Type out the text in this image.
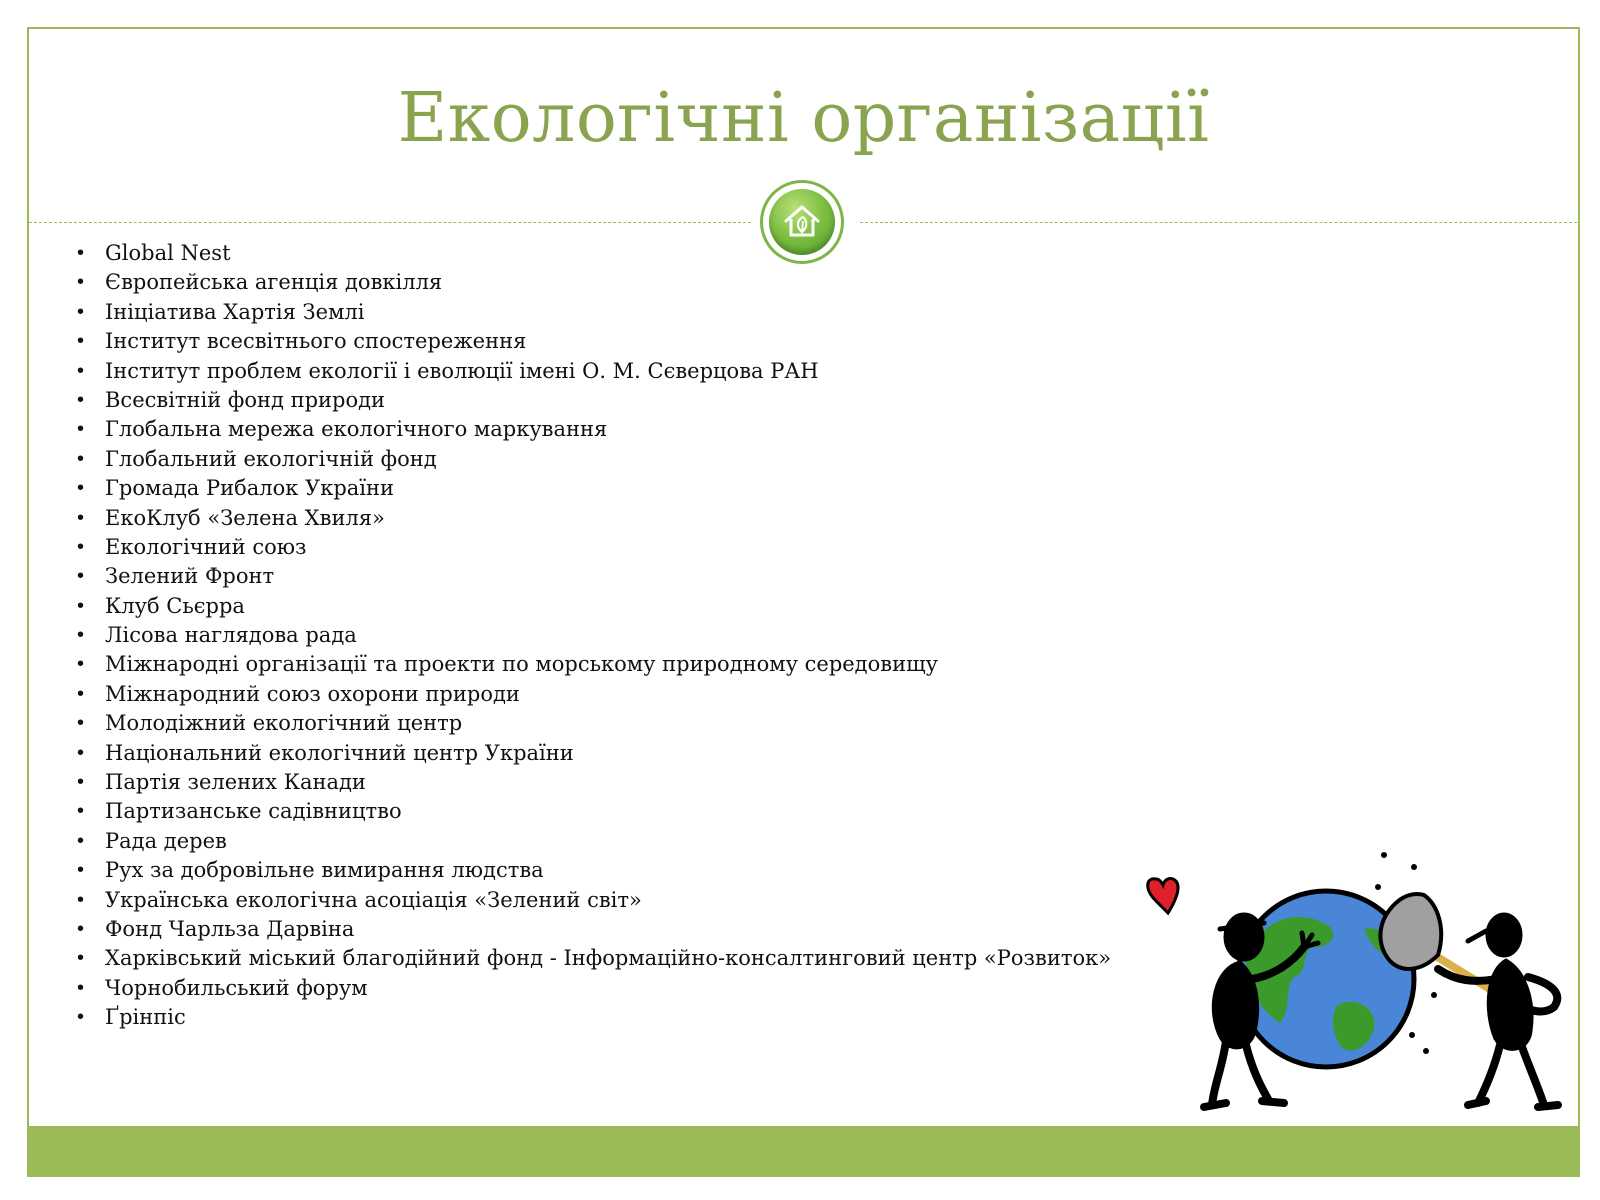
Екологічні організації
• Global Nest
• Європейська агенція довкілля
• Ініціатива Хартія Землі
• Інститут всесвітнього спостереження
• Інститут проблем екології і еволюції імені О. М. Сєверцова РАН
• Всесвітній фонд природи
• Глобальна мережа екологічного маркування
• Глобальний екологічній фонд
• Громада Рибалок України
• ЕкоКлуб «Зелена Хвиля»
• Екологічний союз
• Зелений Фронт
• Клуб Сьєрра
• Лісова наглядова рада
• Міжнародні організації та проекти по морському природному середовищу
• Міжнародний союз охорони природи
• Молодіжний екологічний центр
• Національний екологічний центр України
• Партія зелених Канади
• Партизанське садівництво
• Рада дерев
• Рух за добровільне вимирання людства
• Українська екологічна асоціація «Зелений світ»
• Фонд Чарльза Дарвіна
• Харківський міський благодійний фонд - Інформаційно-консалтинговий центр «Розвиток»
• Чорнобильський форум
• Ґрінпіс
